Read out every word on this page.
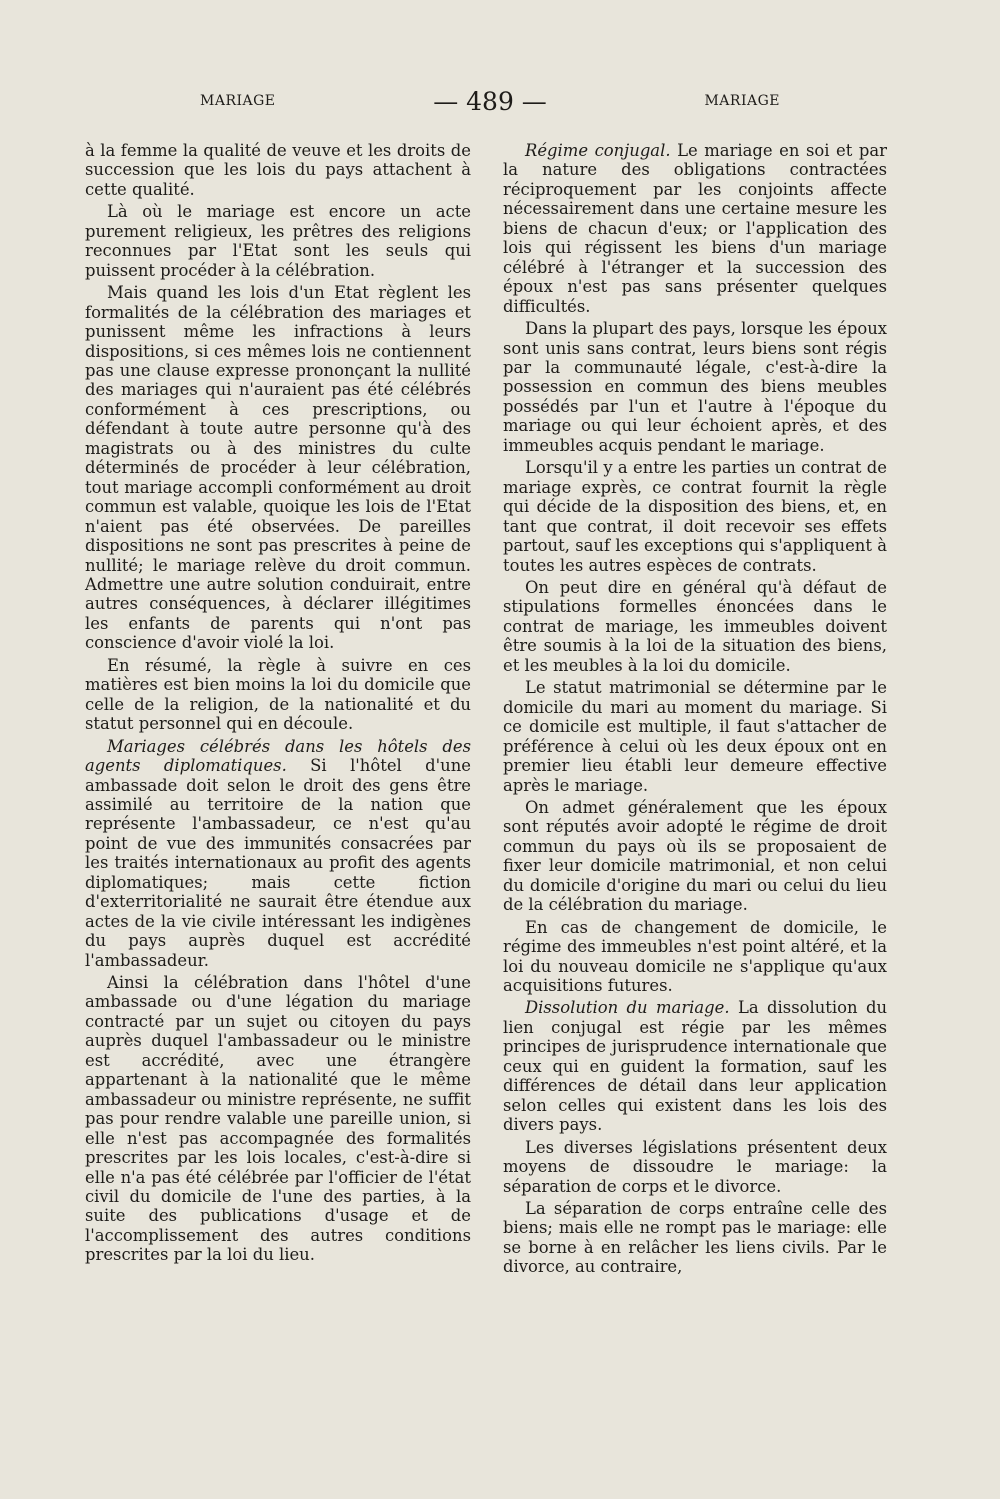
MARIAGE	— 489 —	MARIAGE

à la femme la qualité de veuve et les droits de succession que les lois du pays attachent à cette qualité.

Là où le mariage est encore un acte purement religieux, les prêtres des religions reconnues par l'Etat sont les seuls qui puissent procéder à la célébration.

Mais quand les lois d'un Etat règlent les formalités de la célébration des mariages et punissent même les infractions à leurs dispositions, si ces mêmes lois ne contiennent pas une clause expresse prononçant la nullité des mariages qui n'auraient pas été célébrés conformément à ces prescriptions, ou défendant à toute autre personne qu'à des magistrats ou à des ministres du culte déterminés de procéder à leur célébration, tout mariage accompli conformément au droit commun est valable, quoique les lois de l'Etat n'aient pas été observées. De pareilles dispositions ne sont pas prescrites à peine de nullité; le mariage relève du droit commun. Admettre une autre solution conduirait, entre autres conséquences, à déclarer illégitimes les enfants de parents qui n'ont pas conscience d'avoir violé la loi.

En résumé, la règle à suivre en ces matières est bien moins la loi du domicile que celle de la religion, de la nationalité et du statut personnel qui en découle.

Mariages célébrés dans les hôtels des agents diplomatiques. Si l'hôtel d'une ambassade doit selon le droit des gens être assimilé au territoire de la nation que représente l'ambassadeur, ce n'est qu'au point de vue des immunités consacrées par les traités internationaux au profit des agents diplomatiques; mais cette fiction d'exterritorialité ne saurait être étendue aux actes de la vie civile intéressant les indigènes du pays auprès duquel est accrédité l'ambassadeur.

Ainsi la célébration dans l'hôtel d'une ambassade ou d'une légation du mariage contracté par un sujet ou citoyen du pays auprès duquel l'ambassadeur ou le ministre est accrédité, avec une étrangère appartenant à la nationalité que le même ambassadeur ou ministre représente, ne suffit pas pour rendre valable une pareille union, si elle n'est pas accompagnée des formalités prescrites par les lois locales, c'est-à-dire si elle n'a pas été célébrée par l'officier de l'état civil du domicile de l'une des parties, à la suite des publications d'usage et de l'accomplissement des autres conditions prescrites par la loi du lieu.

Régime conjugal. Le mariage en soi et par la nature des obligations contractées réciproquement par les conjoints affecte nécessairement dans une certaine mesure les biens de chacun d'eux; or l'application des lois qui régissent les biens d'un mariage célébré à l'étranger et la succession des époux n'est pas sans présenter quelques difficultés.

Dans la plupart des pays, lorsque les époux sont unis sans contrat, leurs biens sont régis par la communauté légale, c'est-à-dire la possession en commun des biens meubles possédés par l'un et l'autre à l'époque du mariage ou qui leur échoient après, et des immeubles acquis pendant le mariage.

Lorsqu'il y a entre les parties un contrat de mariage exprès, ce contrat fournit la règle qui décide de la disposition des biens, et, en tant que contrat, il doit recevoir ses effets partout, sauf les exceptions qui s'appliquent à toutes les autres espèces de contrats.

On peut dire en général qu'à défaut de stipulations formelles énoncées dans le contrat de mariage, les immeubles doivent être soumis à la loi de la situation des biens, et les meubles à la loi du domicile.

Le statut matrimonial se détermine par le domicile du mari au moment du mariage. Si ce domicile est multiple, il faut s'attacher de préférence à celui où les deux époux ont en premier lieu établi leur demeure effective après le mariage.

On admet généralement que les époux sont réputés avoir adopté le régime de droit commun du pays où ils se proposaient de fixer leur domicile matrimonial, et non celui du domicile d'origine du mari ou celui du lieu de la célébration du mariage.

En cas de changement de domicile, le régime des immeubles n'est point altéré, et la loi du nouveau domicile ne s'applique qu'aux acquisitions futures.

Dissolution du mariage. La dissolution du lien conjugal est régie par les mêmes principes de jurisprudence internationale que ceux qui en guident la formation, sauf les différences de détail dans leur application selon celles qui existent dans les lois des divers pays.

Les diverses législations présentent deux moyens de dissoudre le mariage: la séparation de corps et le divorce.

La séparation de corps entraîne celle des biens; mais elle ne rompt pas le mariage: elle se borne à en relâcher les liens civils. Par le divorce, au contraire,
